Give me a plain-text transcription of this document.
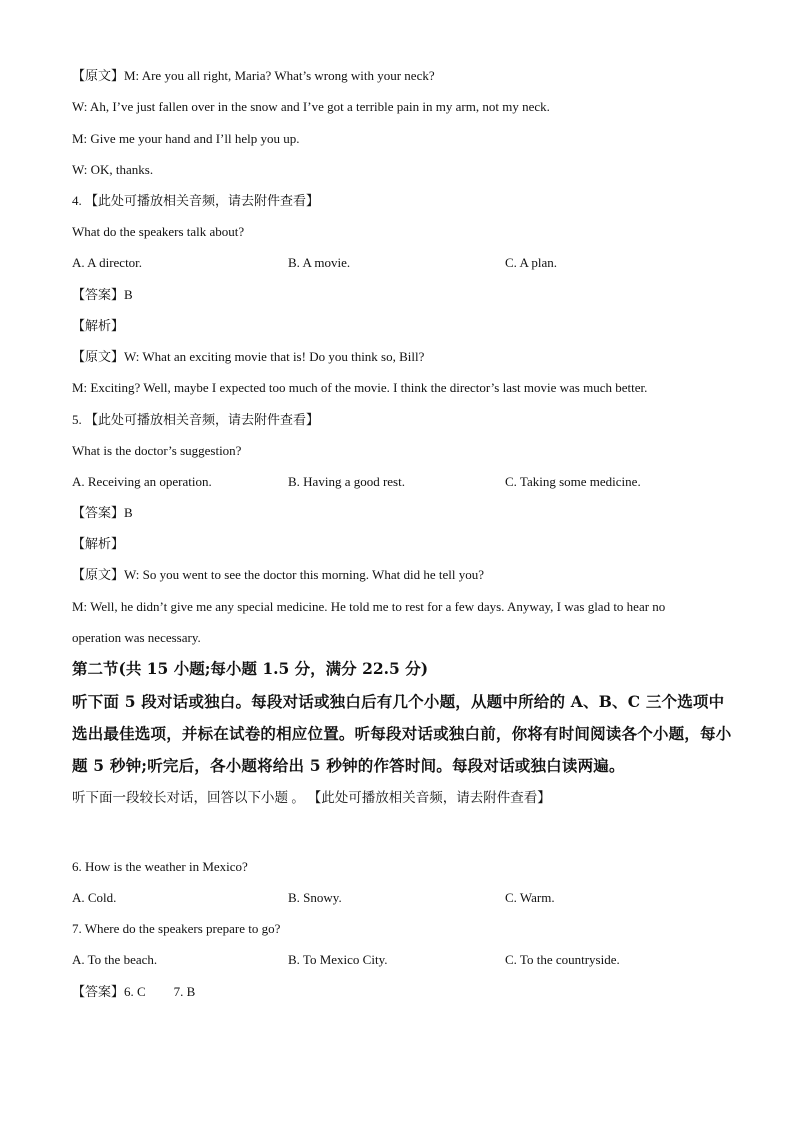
【原文】M: Are you all right, Maria? What’s wrong with your neck?
W: Ah, I’ve just fallen over in the snow and I’ve got a terrible pain in my arm, not my neck.
M: Give me your hand and I’ll help you up.
W: OK, thanks.
4. 【此处可播放相关音频，请去附件查看】
What do the speakers talk about?
A. A director.	B. A movie.	C. A plan.
【答案】B
【解析】
【原文】W: What an exciting movie that is! Do you think so, Bill?
M: Exciting? Well, maybe I expected too much of the movie. I think the director’s last movie was much better.
5. 【此处可播放相关音频，请去附件查看】
What is the doctor’s suggestion?
A. Receiving an operation.	B. Having a good rest.	C. Taking some medicine.
【答案】B
【解析】
【原文】W: So you went to see the doctor this morning. What did he tell you?
M: Well, he didn’t give me any special medicine. He told me to rest for a few days. Anyway, I was glad to hear no
operation was necessary.
第二节(共 15 小题;每小题 1.5 分，满分 22.5 分)
听下面 5 段对话或独白。每段对话或独白后有几个小题，从题中所给的 A、B、C 三个选项中选出最佳选项，并标在试卷的相应位置。听每段对话或独白前，你将有时间阅读各个小题，每小题 5 秒钟;听完后，各小题将给出 5 秒钟的作答时间。每段对话或独白读两遍。
听下面一段较长对话，回答以下小题 。 【此处可播放相关音频，请去附件查看】
6. How is the weather in Mexico?
A. Cold.	B. Snowy.	C. Warm.
7. Where do the speakers prepare to go?
A. To the beach.	B. To Mexico City.	C. To the countryside.
【答案】6. C 7. B
